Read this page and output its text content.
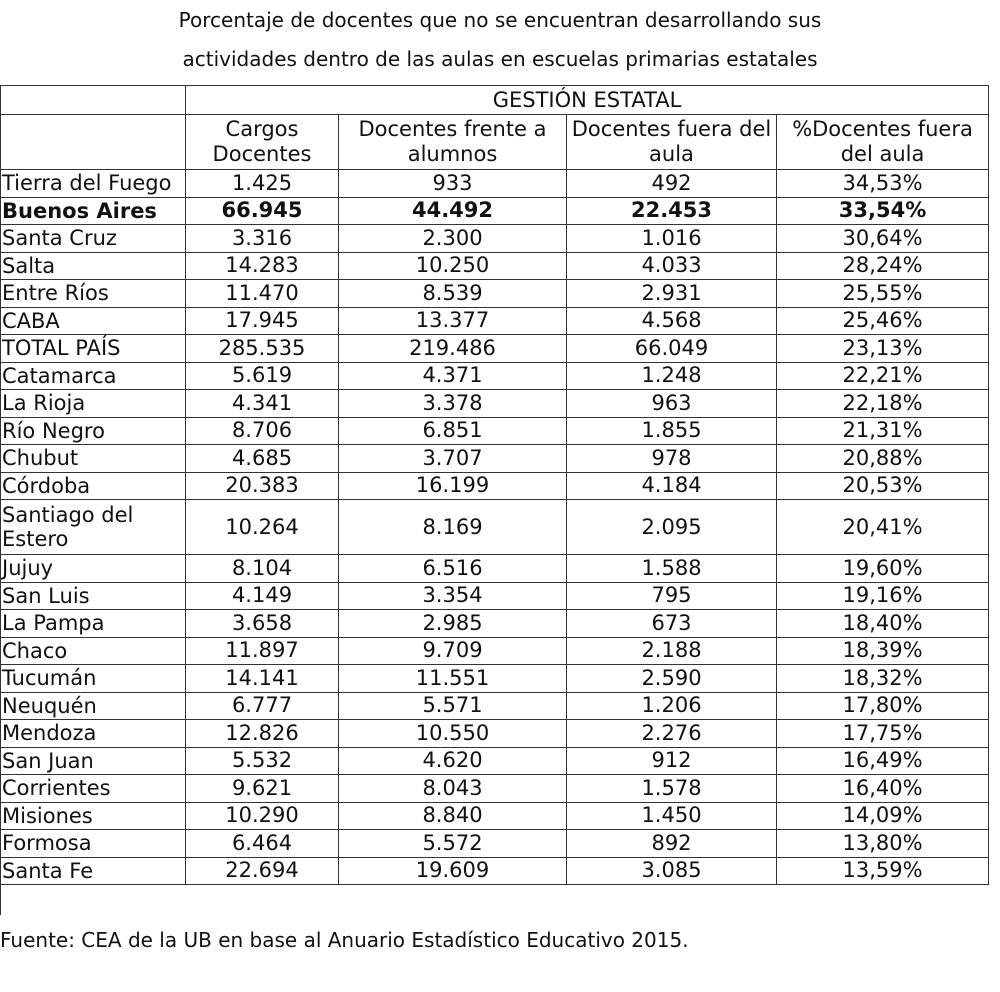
Porcentaje de docentes que no se encuentran desarrollando sus
actividades dentro de las aulas en escuelas primarias estatales
	GESTIÓN ESTATAL			
	Cargos Docentes	Docentes frente a alumnos	Docentes fuera del aula	%Docentes fuera del aula
Tierra del Fuego	1.425	933	492	34,53%
Buenos Aires	66.945	44.492	22.453	33,54%
Santa Cruz	3.316	2.300	1.016	30,64%
Salta	14.283	10.250	4.033	28,24%
Entre Ríos	11.470	8.539	2.931	25,55%
CABA	17.945	13.377	4.568	25,46%
TOTAL PAÍS	285.535	219.486	66.049	23,13%
Catamarca	5.619	4.371	1.248	22,21%
La Rioja	4.341	3.378	963	22,18%
Río Negro	8.706	6.851	1.855	21,31%
Chubut	4.685	3.707	978	20,88%
Córdoba	20.383	16.199	4.184	20,53%
Santiago del Estero	10.264	8.169	2.095	20,41%
Jujuy	8.104	6.516	1.588	19,60%
San Luis	4.149	3.354	795	19,16%
La Pampa	3.658	2.985	673	18,40%
Chaco	11.897	9.709	2.188	18,39%
Tucumán	14.141	11.551	2.590	18,32%
Neuquén	6.777	5.571	1.206	17,80%
Mendoza	12.826	10.550	2.276	17,75%
San Juan	5.532	4.620	912	16,49%
Corrientes	9.621	8.043	1.578	16,40%
Misiones	10.290	8.840	1.450	14,09%
Formosa	6.464	5.572	892	13,80%
Santa Fe	22.694	19.609	3.085	13,59%

Fuente: CEA de la UB en base al Anuario Estadístico Educativo 2015.
